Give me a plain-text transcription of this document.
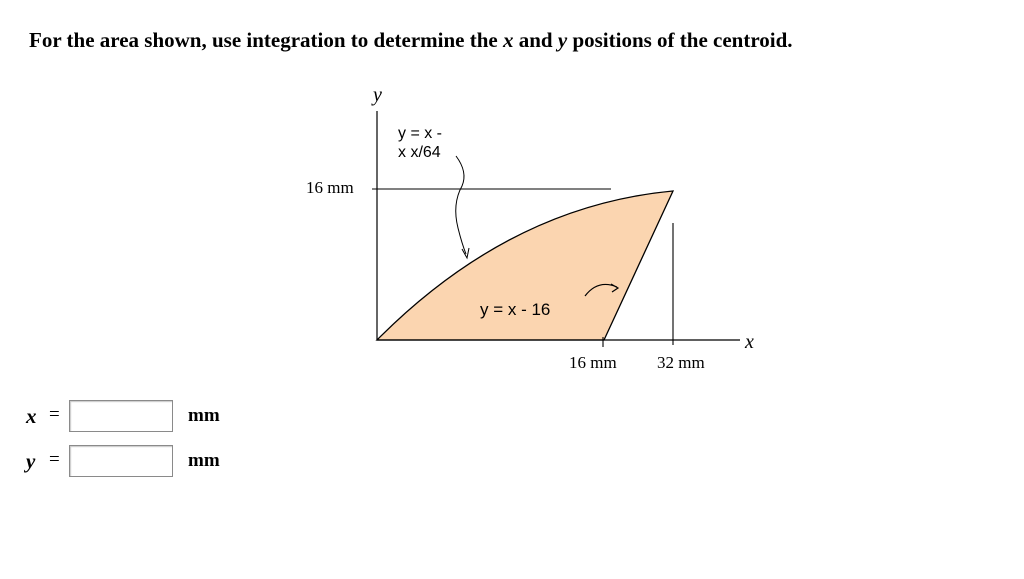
For the area shown, use integration to determine the x and y positions of the centroid.
y
x
y = x -
x x/64
y = x - 16
16 mm
16 mm 32 mm
x =	mm
y =	mm
